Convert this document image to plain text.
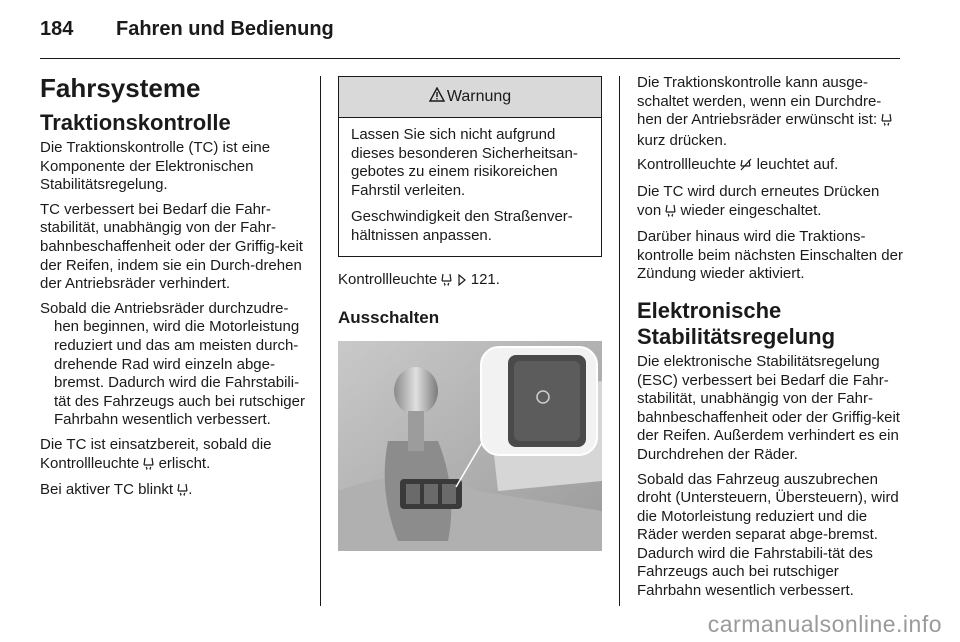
184 Fahren und Bedienung
Fahrsysteme
Traktionskontrolle

Die Traktionskontrolle (TC) ist eine Komponente der Elektronischen Stabilitätsregelung.

TC verbessert bei Bedarf die Fahr-stabilität, unabhängig von der Fahr-bahnbeschaffenheit oder der Griffig-keit der Reifen, indem sie ein Durch-drehen der Antriebsräder verhindert.

Sobald die Antriebsräder durchzudre-hen beginnen, wird die Motorleistung reduziert und das am meisten durch-drehende Rad wird einzeln abge-bremst. Dadurch wird die Fahrstabili-tät des Fahrzeugs auch bei rutschiger Fahrbahn wesentlich verbessert.

Die TC ist einsatzbereit, sobald die Kontrollleuchte erlischt.

Bei aktiver TC blinkt .

Warnung

Lassen Sie sich nicht aufgrund dieses besonderen Sicherheitsan-gebotes zu einem risikoreichen Fahrstil verleiten.

Geschwindigkeit den Straßenver-hältnissen anpassen.

Kontrollleuchte 121.

Ausschalten

Die Traktionskontrolle kann ausge-schaltet werden, wenn ein Durchdre-hen der Antriebsräder erwünscht ist:  kurz drücken.

Kontrollleuchte leuchtet auf.

Die TC wird durch erneutes Drücken von wieder eingeschaltet.

Darüber hinaus wird die Traktions-kontrolle beim nächsten Einschalten der Zündung wieder aktiviert.

Elektronische Stabilitätsregelung

Die elektronische Stabilitätsregelung (ESC) verbessert bei Bedarf die Fahr-stabilität, unabhängig von der Fahr-bahnbeschaffenheit oder der Griffig-keit der Reifen. Außerdem verhindert es ein Durchdrehen der Räder.

Sobald das Fahrzeug auszubrechen droht (Untersteuern, Übersteuern), wird die Motorleistung reduziert und die Räder werden separat abge-bremst. Dadurch wird die Fahrstabili-tät des Fahrzeugs auch bei rutschiger Fahrbahn wesentlich verbessert.

carmanualsonline.info
